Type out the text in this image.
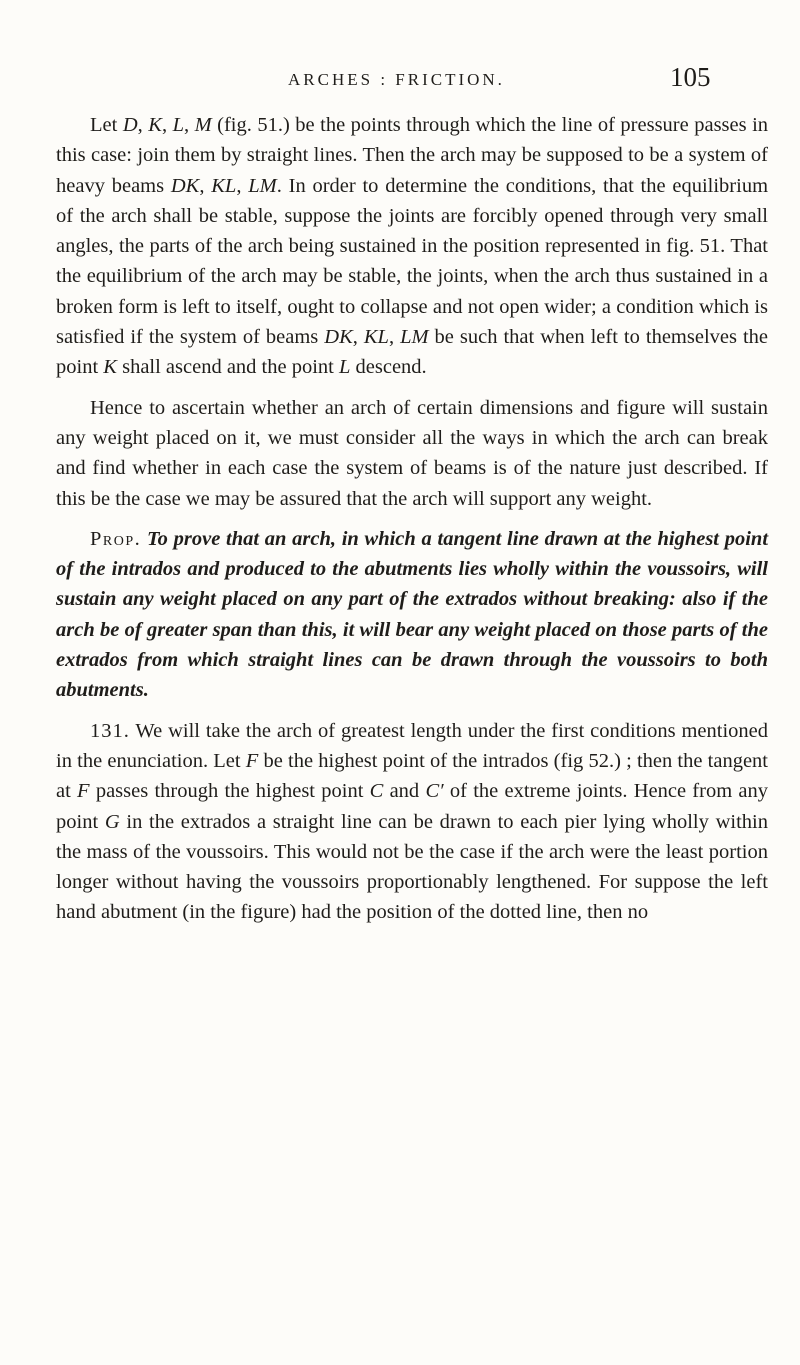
ARCHES : FRICTION.	105

Let D, K, L, M (fig. 51.) be the points through which the line of pressure passes in this case: join them by straight lines. Then the arch may be supposed to be a system of heavy beams DK, KL, LM. In order to determine the conditions, that the equilibrium of the arch shall be stable, suppose the joints are forcibly opened through very small angles, the parts of the arch being sustained in the position represented in fig. 51. That the equilibrium of the arch may be stable, the joints, when the arch thus sustained in a broken form is left to itself, ought to collapse and not open wider; a condition which is satisfied if the system of beams DK, KL, LM be such that when left to themselves the point K shall ascend and the point L descend.

Hence to ascertain whether an arch of certain dimensions and figure will sustain any weight placed on it, we must consider all the ways in which the arch can break and find whether in each case the system of beams is of the nature just described. If this be the case we may be assured that the arch will support any weight.

Prop. To prove that an arch, in which a tangent line drawn at the highest point of the intrados and produced to the abutments lies wholly within the voussoirs, will sustain any weight placed on any part of the extrados without breaking: also if the arch be of greater span than this, it will bear any weight placed on those parts of the extrados from which straight lines can be drawn through the voussoirs to both abutments.

131. We will take the arch of greatest length under the first conditions mentioned in the enunciation. Let F be the highest point of the intrados (fig 52.) ; then the tangent at F passes through the highest point C and C′ of the extreme joints. Hence from any point G in the extrados a straight line can be drawn to each pier lying wholly within the mass of the voussoirs. This would not be the case if the arch were the least portion longer without having the voussoirs proportionably lengthened. For suppose the left hand abutment (in the figure) had the position of the dotted line, then no
